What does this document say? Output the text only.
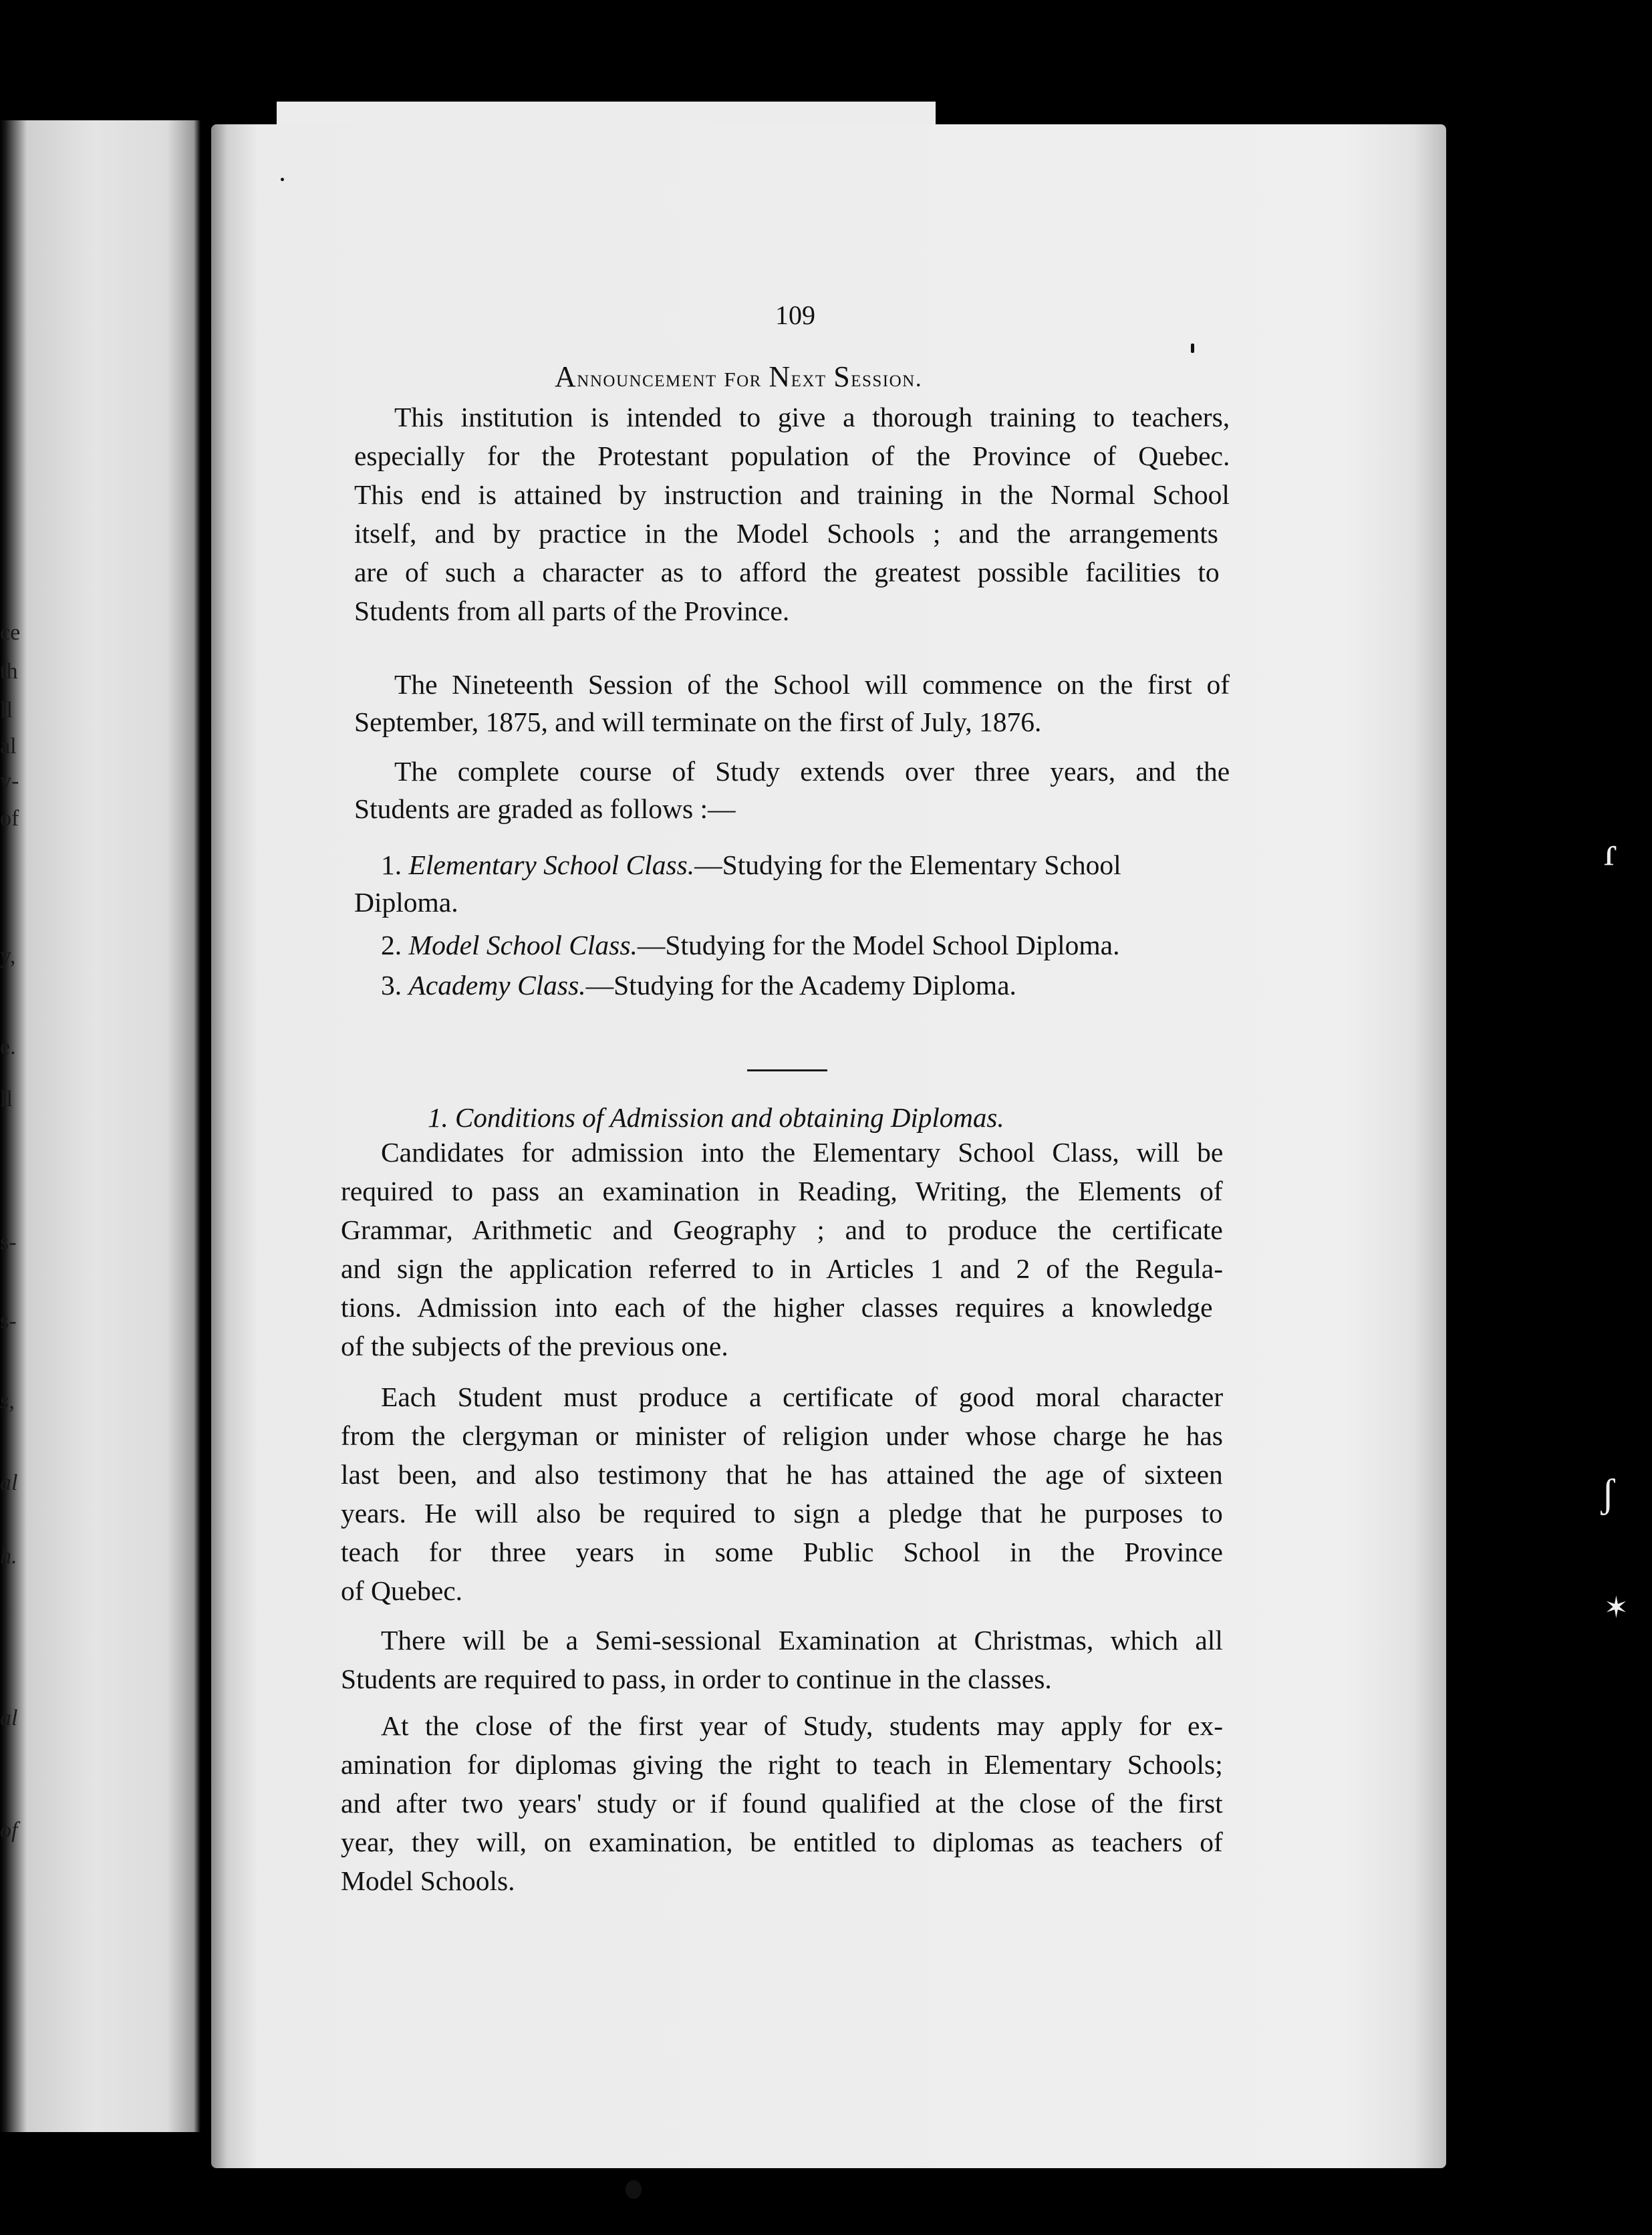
ce
th
ll
al
v-
of
y,
e.
ll
s-
s-
s,
al
h.
al
of
109
Announcement for Next Session.
This institution is intended to give a thorough training to teachers,
especially for the Protestant population of the Province of Quebec.
This end is attained by instruction and training in the Normal School
itself, and by practice in the Model Schools ; and the arrangements
are of such a character as to afford the greatest possible facilities to
Students from all parts of the Province.
The Nineteenth Session of the School will commence on the first of
September, 1875, and will terminate on the first of July, 1876.
The complete course of Study extends over three years, and the
Students are graded as follows :—
1. Elementary School Class.—Studying for the Elementary School
Diploma.
2. Model School Class.—Studying for the Model School Diploma.
3. Academy Class.—Studying for the Academy Diploma.
1. Conditions of Admission and obtaining Diplomas.
Candidates for admission into the Elementary School Class, will be
required to pass an examination in Reading, Writing, the Elements of
Grammar, Arithmetic and Geography ; and to produce the certificate
and sign the application referred to in Articles 1 and 2 of the Regula-
tions. Admission into each of the higher classes requires a knowledge
of the subjects of the previous one.
Each Student must produce a certificate of good moral character
from the clergyman or minister of religion under whose charge he has
last been, and also testimony that he has attained the age of sixteen
years. He will also be required to sign a pledge that he purposes to
teach for three years in some Public School in the Province
of Quebec.
There will be a Semi-sessional Examination at Christmas, which all
Students are required to pass, in order to continue in the classes.
At the close of the first year of Study, students may apply for ex-
amination for diplomas giving the right to teach in Elementary Schools;
and after two years' study or if found qualified at the close of the first
year, they will, on examination, be entitled to diplomas as teachers of
Model Schools.
ɾ
ʃ
✶
